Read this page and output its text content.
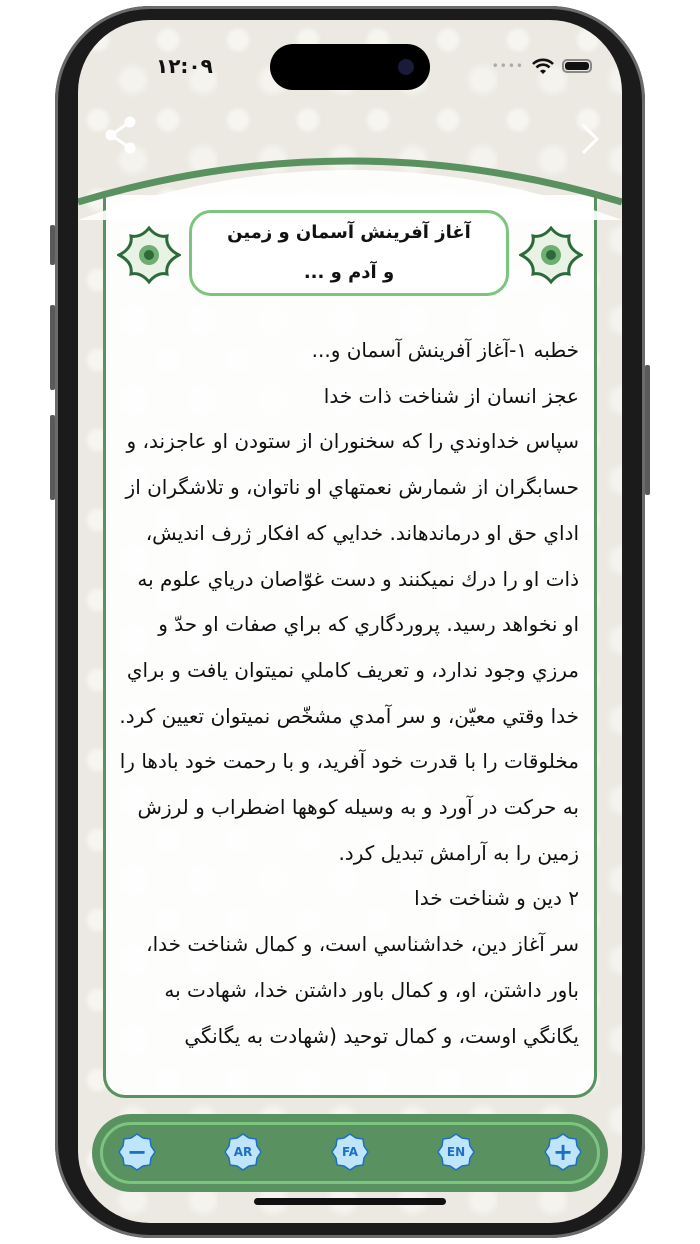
۱۲:۰۹	••••
آغاز آفرينش آسمان و زمين و آدم و ...

خطبه ۱-آغاز آفرينش آسمان و...

عجز انسان از شناخت ذات خدا

سپاس خداوندي را كه سخنوران از ستودن او عاجزند، و حسابگران از شمارش نعمتهاي او ناتوان، و تلاشگران از اداي حق او درماندهاند. خدايي كه افكار ژرف انديش، ذات او را درك نميكنند و دست غوّاصان درياي علوم به او نخواهد رسيد. پروردگاري كه براي صفات او حدّ و مرزي وجود ندارد، و تعريف كاملي نميتوان يافت و براي خدا وقتي معيّن، و سر آمدي مشخّص نميتوان تعيين كرد. مخلوقات را با قدرت خود آفريد، و با رحمت خود بادها را به حركت در آورد و به وسيله كوهها اضطراب و لرزش زمين را به آرامش تبديل كرد.

۲ دين و شناخت خدا

سر آغاز دين، خداشناسي است، و كمال شناخت خدا، باور داشتن، او، و كمال باور داشتن خدا، شهادت به يگانگي اوست، و كمال توحيد (شهادت به يگانگي

−	AR	FA	EN	+
